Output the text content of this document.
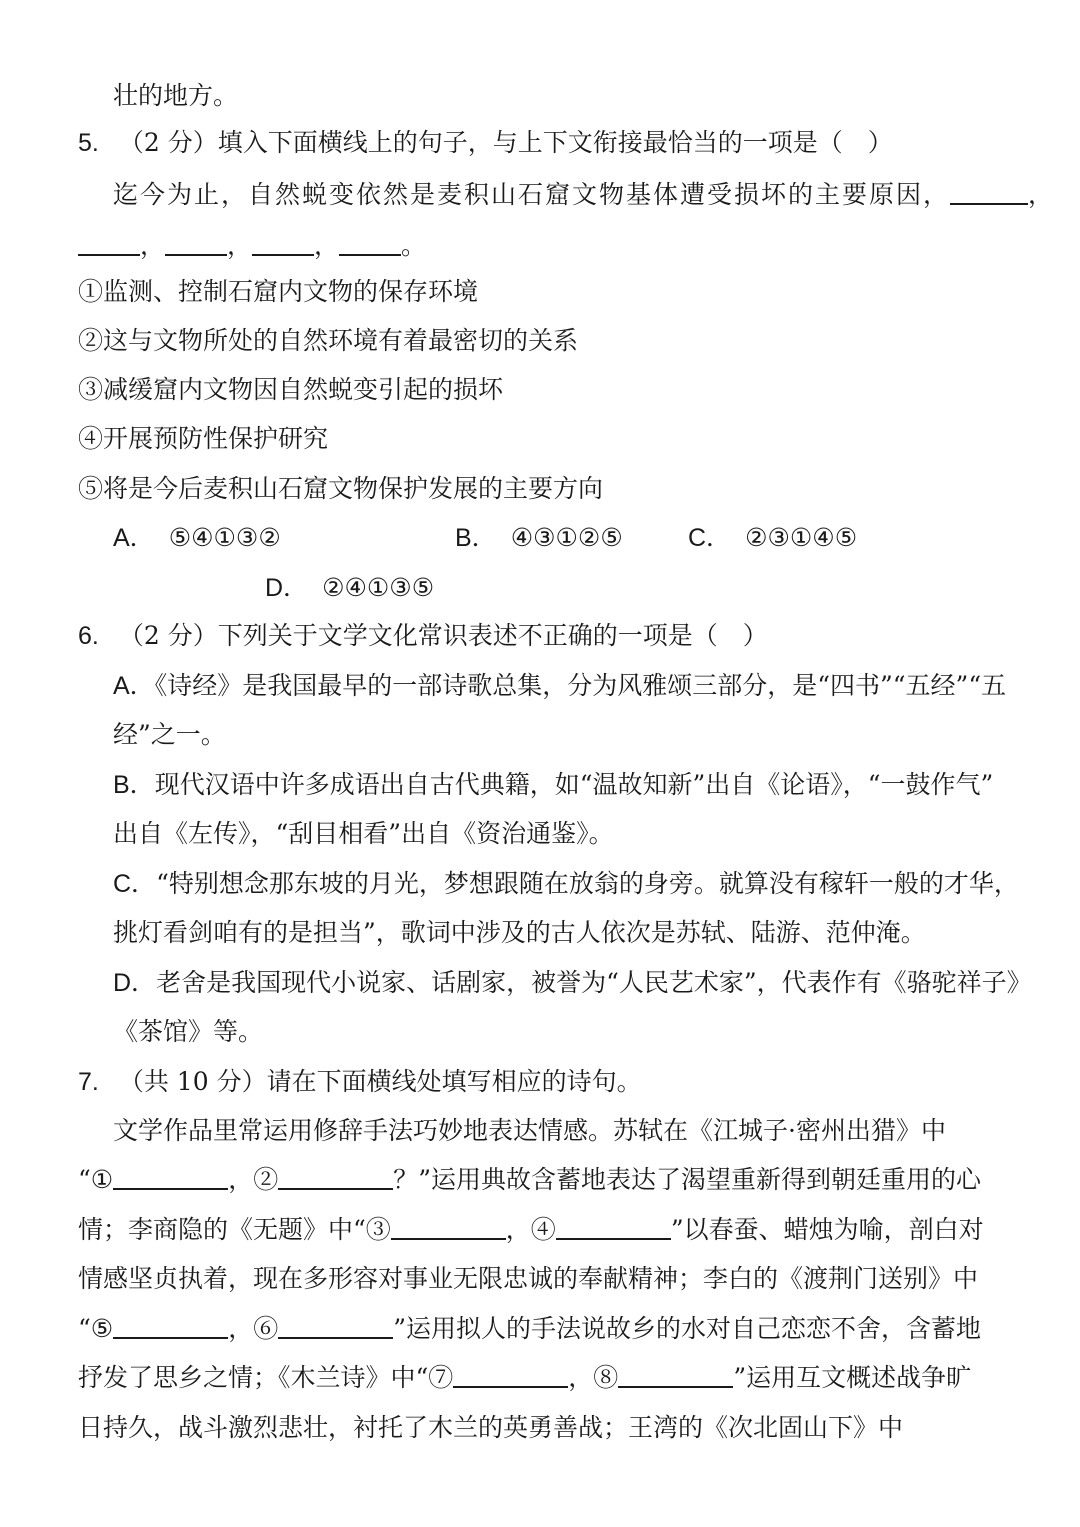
壮的地方。
5. （2 分）填入下面横线上的句子，与上下文衔接最恰当的一项是（　）
迄今为止，自然蜕变依然是麦积山石窟文物基体遭受损坏的主要原因，	，
， ， ， 。
①监测、控制石窟内文物的保存环境
②这与文物所处的自然环境有着最密切的关系
③减缓窟内文物因自然蜕变引起的损坏
④开展预防性保护研究
⑤将是今后麦积山石窟文物保护发展的主要方向
A． ⑤④①③②	B． ④③①②⑤	C． ②③①④⑤
D． ②④①③⑤
6. （2 分）下列关于文学文化常识表述不正确的一项是（　）
A．《诗经》是我国最早的一部诗歌总集，分为风雅颂三部分，是“四书”“五经”“五
经”之一。
B．现代汉语中许多成语出自古代典籍，如“温故知新”出自《论语》，“一鼓作气”
出自《左传》，“刮目相看”出自《资治通鉴》。
C．“特别想念那东坡的月光，梦想跟随在放翁的身旁。就算没有稼轩一般的才华，
挑灯看剑咱有的是担当”，歌词中涉及的古人依次是苏轼、陆游、范仲淹。
D．老舍是我国现代小说家、话剧家，被誉为“人民艺术家”，代表作有《骆驼祥子》
《茶馆》等。
7. （共 10 分）请在下面横线处填写相应的诗句。
文学作品里常运用修辞手法巧妙地表达情感。苏轼在《江城子·密州出猎》中
“①	，②	？”运用典故含蓄地表达了渴望重新得到朝廷重用的心
情；李商隐的《无题》中“③	，④	”以春蚕、蜡烛为喻，剖白对
情感坚贞执着，现在多形容对事业无限忠诚的奉献精神；李白的《渡荆门送别》中
“⑤	，⑥	”运用拟人的手法说故乡的水对自己恋恋不舍，含蓄地
抒发了思乡之情；《木兰诗》中“⑦	，⑧	”运用互文概述战争旷
日持久，战斗激烈悲壮，衬托了木兰的英勇善战；王湾的《次北固山下》中
